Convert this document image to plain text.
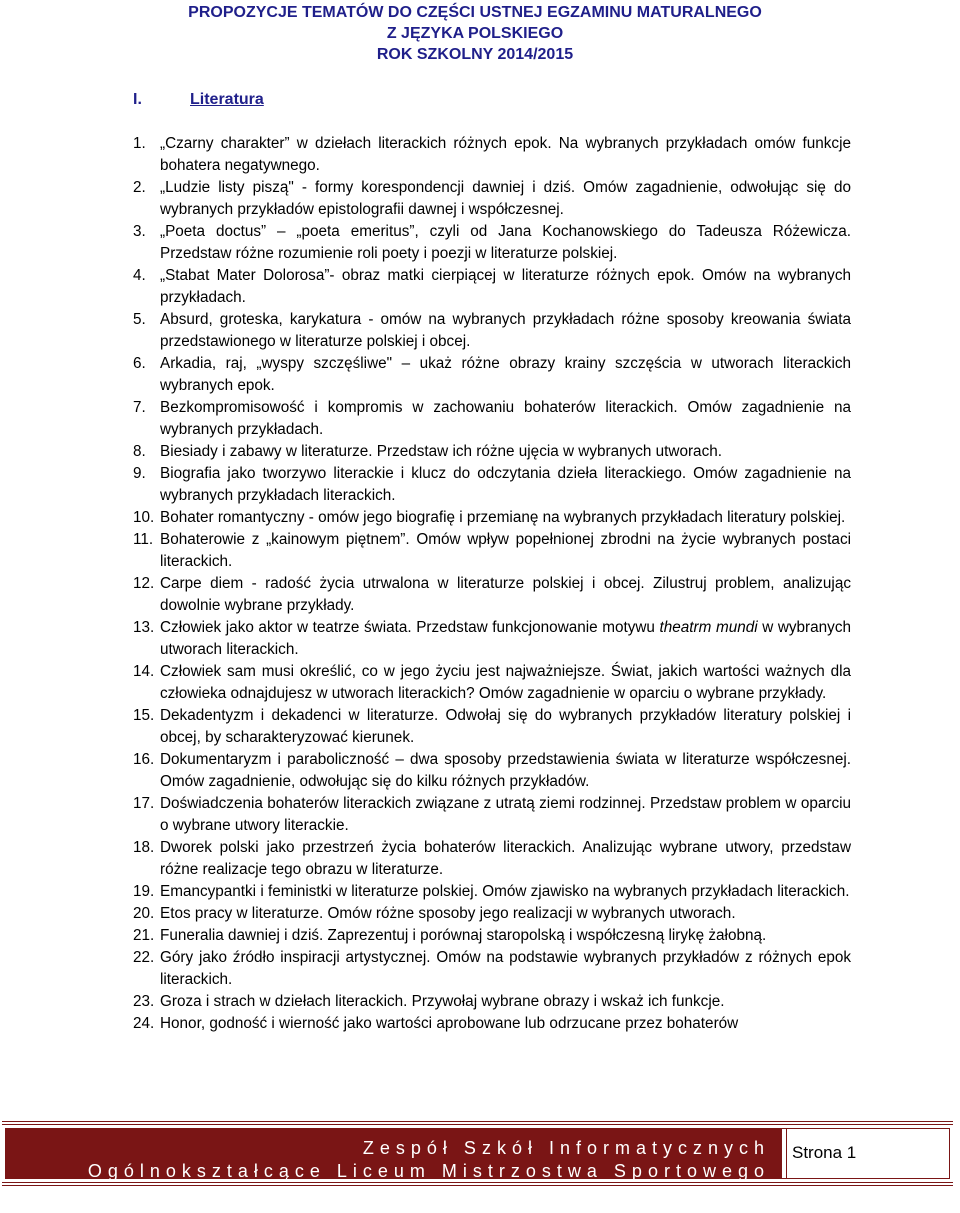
PROPOZYCJE TEMATÓW DO CZĘŚCI USTNEJ EGZAMINU MATURALNEGO
Z JĘZYKA POLSKIEGO
ROK SZKOLNY 2014/2015
I.	Literatura
1. „Czarny charakter” w dziełach literackich różnych epok. Na wybranych przykładach omów funkcje bohatera negatywnego.
2. „Ludzie listy piszą" - formy korespondencji dawniej i dziś. Omów zagadnienie, odwołując się do wybranych przykładów epistolografii dawnej i współczesnej.
3. „Poeta doctus” – „poeta emeritus”, czyli od Jana Kochanowskiego do Tadeusza Różewicza. Przedstaw różne rozumienie roli poety i poezji w literaturze polskiej.
4. „Stabat Mater Dolorosa”- obraz matki cierpiącej w literaturze różnych epok. Omów na wybranych przykładach.
5. Absurd, groteska, karykatura - omów na wybranych przykładach różne sposoby kreowania świata przedstawionego w literaturze polskiej i obcej.
6. Arkadia, raj, „wyspy szczęśliwe" – ukaż różne obrazy krainy szczęścia w utworach literackich wybranych epok.
7. Bezkompromisowość i kompromis w zachowaniu bohaterów literackich. Omów zagadnienie na wybranych przykładach.
8. Biesiady i zabawy w literaturze. Przedstaw ich różne ujęcia w wybranych utworach.
9. Biografia jako tworzywo literackie i klucz do odczytania dzieła literackiego. Omów zagadnienie na wybranych przykładach literackich.
10. Bohater romantyczny - omów jego biografię i przemianę na wybranych przykładach literatury polskiej.
11. Bohaterowie z „kainowym piętnem”. Omów wpływ popełnionej zbrodni na życie wybranych postaci literackich.
12. Carpe diem - radość życia utrwalona w literaturze polskiej i obcej. Zilustruj problem, analizując dowolnie wybrane przykłady.
13. Człowiek jako aktor w teatrze świata. Przedstaw funkcjonowanie motywu theatrm mundi w wybranych utworach literackich.
14. Człowiek sam musi określić, co w jego życiu jest najważniejsze. Świat, jakich wartości ważnych dla człowieka odnajdujesz w utworach literackich? Omów zagadnienie w oparciu o wybrane przykłady.
15. Dekadentyzm i dekadenci w literaturze. Odwołaj się do wybranych przykładów literatury polskiej i obcej, by scharakteryzować kierunek.
16. Dokumentaryzm i paraboliczność – dwa sposoby przedstawienia świata w literaturze współczesnej. Omów zagadnienie, odwołując się do kilku różnych przykładów.
17. Doświadczenia bohaterów literackich związane z utratą ziemi rodzinnej. Przedstaw problem w oparciu o wybrane utwory literackie.
18. Dworek polski jako przestrzeń życia bohaterów literackich. Analizując wybrane utwory, przedstaw różne realizacje tego obrazu w literaturze.
19. Emancypantki i feministki w literaturze polskiej. Omów zjawisko na wybranych przykładach literackich.
20. Etos pracy w literaturze. Omów różne sposoby jego realizacji w wybranych utworach.
21. Funeralia dawniej i dziś. Zaprezentuj i porównaj staropolską i współczesną lirykę żałobną.
22. Góry jako źródło inspiracji artystycznej. Omów na podstawie wybranych przykładów z różnych epok literackich.
23. Groza i strach w dziełach literackich. Przywołaj wybrane obrazy i wskaż ich funkcje.
24. Honor, godność i wierność jako wartości aprobowane lub odrzucane przez bohaterów
Zespół Szkół Informatycznych
Ogólnokształcące Liceum Mistrzostwa Sportowego
Strona 1
